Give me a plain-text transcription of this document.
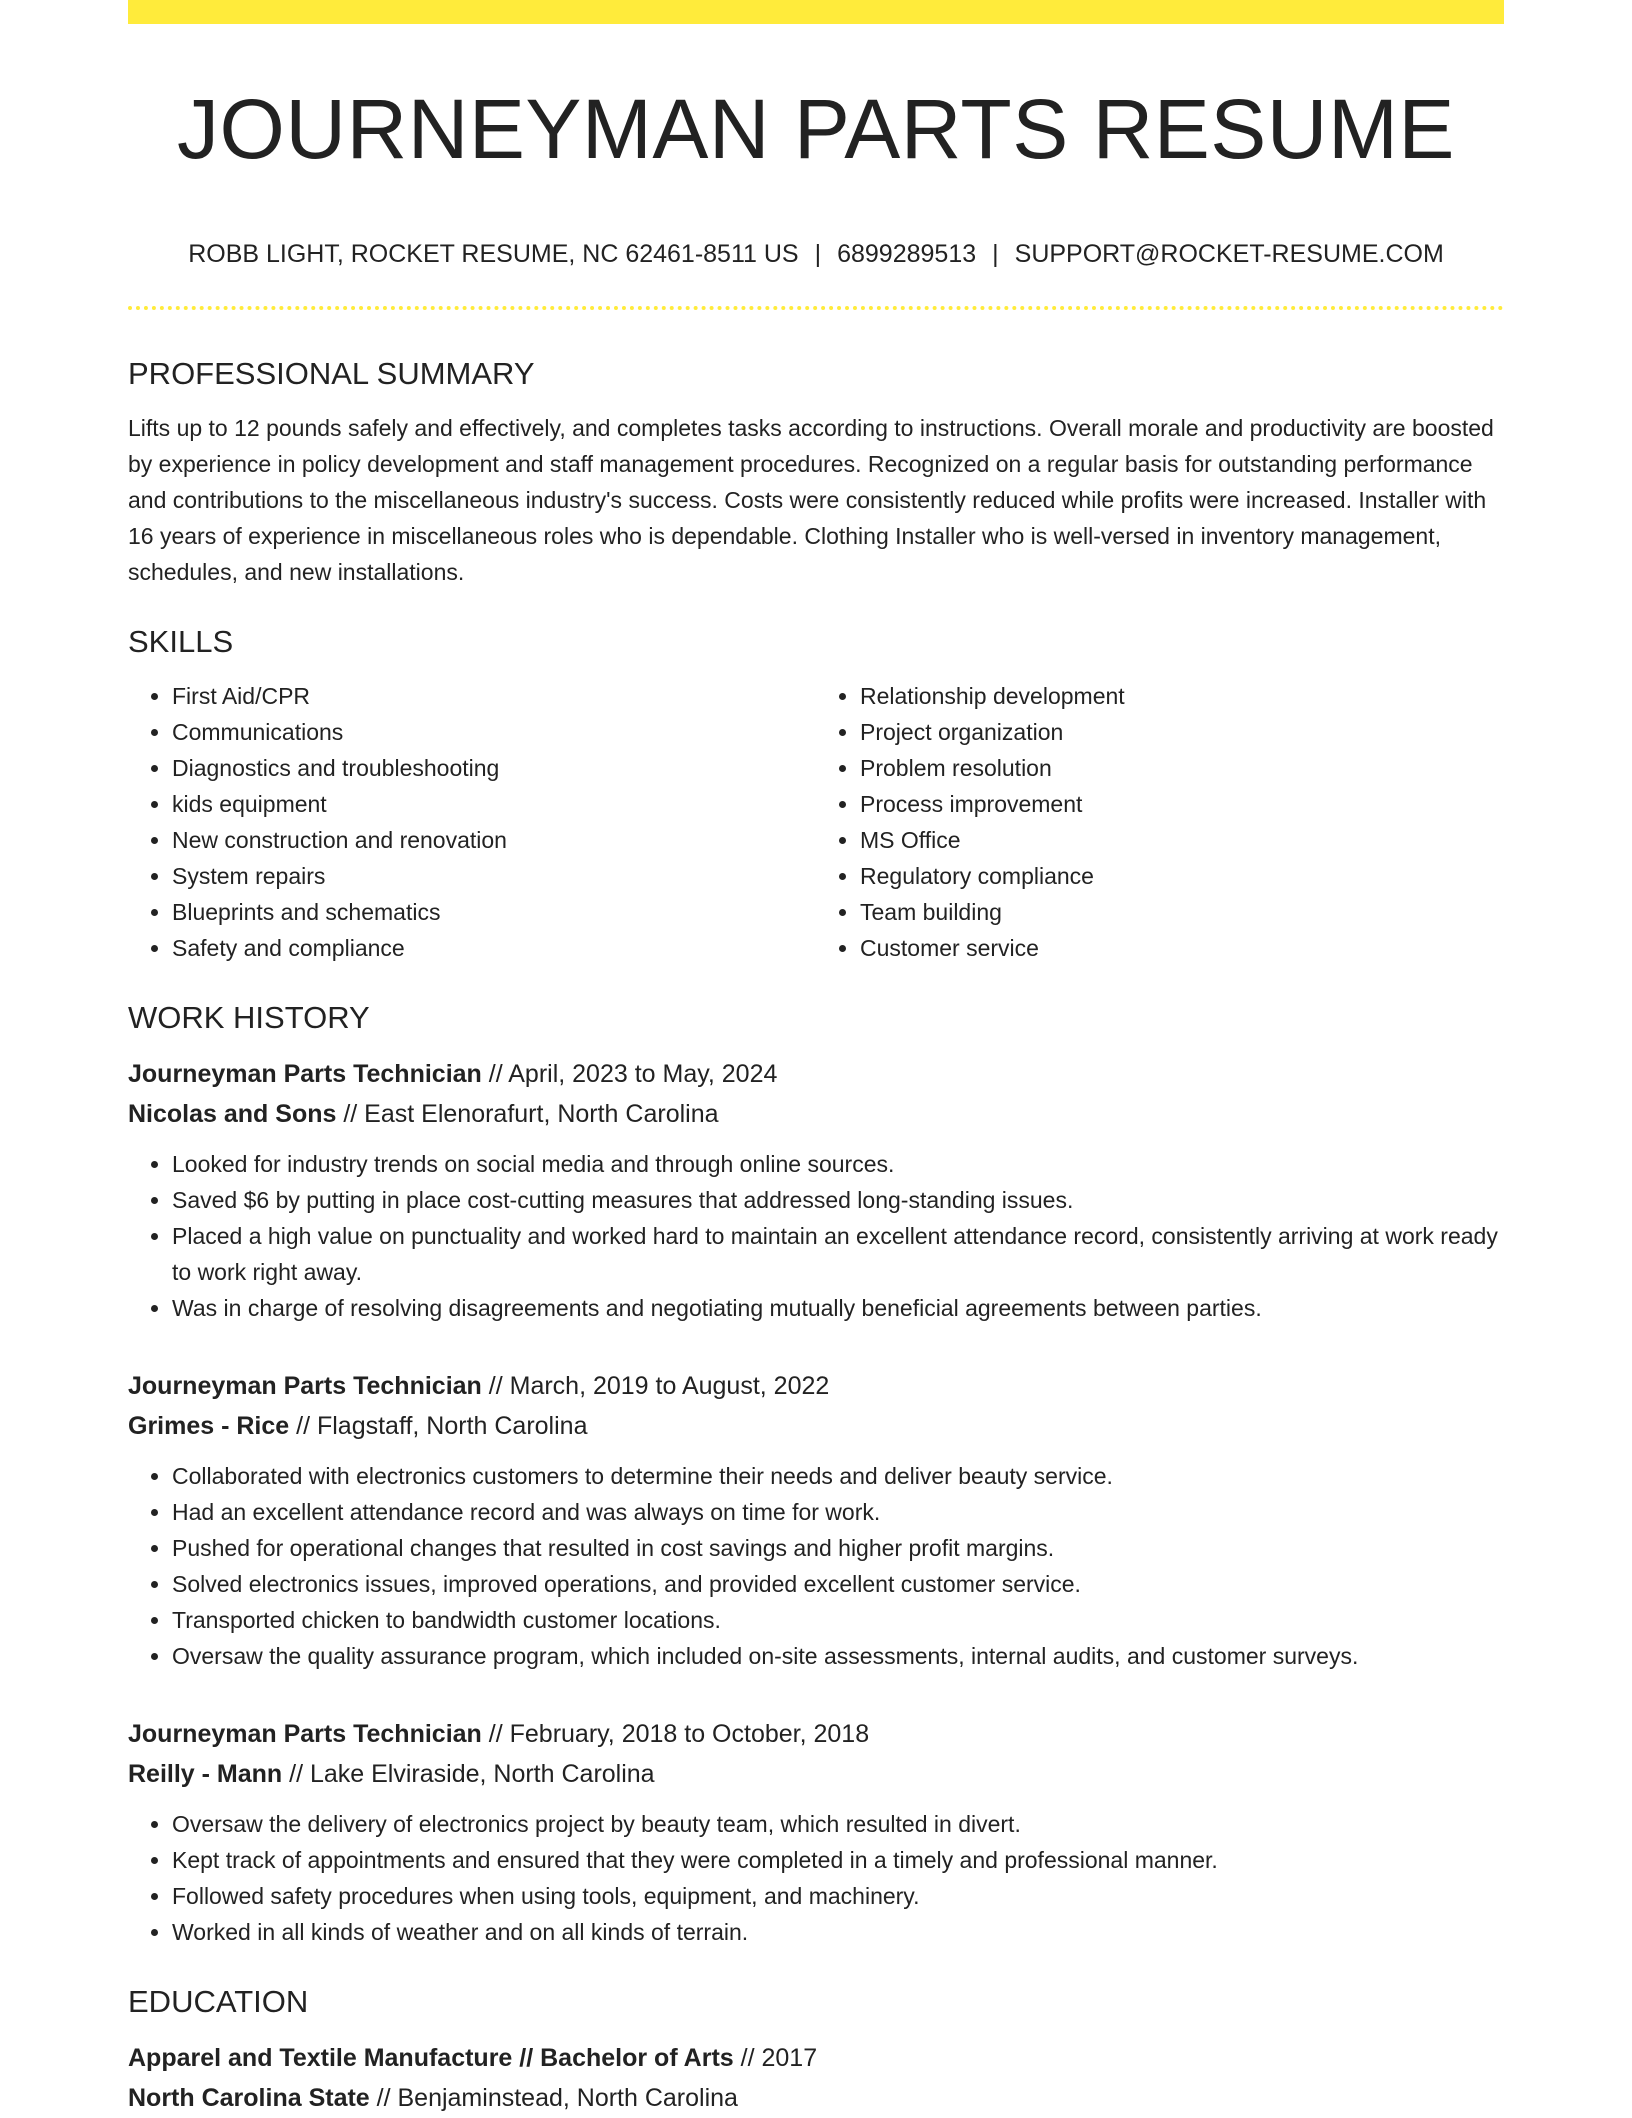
JOURNEYMAN PARTS RESUME
ROBB LIGHT, ROCKET RESUME, NC 62461-8511 US | 6899289513 | SUPPORT@ROCKET-RESUME.COM
PROFESSIONAL SUMMARY

Lifts up to 12 pounds safely and effectively, and completes tasks according to instructions. Overall morale and productivity are boosted by experience in policy development and staff management procedures. Recognized on a regular basis for outstanding performance and contributions to the miscellaneous industry's success. Costs were consistently reduced while profits were increased. Installer with 16 years of experience in miscellaneous roles who is dependable. Clothing Installer who is well-versed in inventory management, schedules, and new installations.

SKILLS
• First Aid/CPR
• Communications
• Diagnostics and troubleshooting
• kids equipment
• New construction and renovation
• System repairs
• Blueprints and schematics
• Safety and compliance
• Relationship development
• Project organization
• Problem resolution
• Process improvement
• MS Office
• Regulatory compliance
• Team building
• Customer service
WORK HISTORY
Journeyman Parts Technician // April, 2023 to May, 2024
Nicolas and Sons // East Elenorafurt, North Carolina
• Looked for industry trends on social media and through online sources.
• Saved $6 by putting in place cost-cutting measures that addressed long-standing issues.
• Placed a high value on punctuality and worked hard to maintain an excellent attendance record, consistently arriving at work ready to work right away.
• Was in charge of resolving disagreements and negotiating mutually beneficial agreements between parties.
Journeyman Parts Technician // March, 2019 to August, 2022
Grimes - Rice // Flagstaff, North Carolina
• Collaborated with electronics customers to determine their needs and deliver beauty service.
• Had an excellent attendance record and was always on time for work.
• Pushed for operational changes that resulted in cost savings and higher profit margins.
• Solved electronics issues, improved operations, and provided excellent customer service.
• Transported chicken to bandwidth customer locations.
• Oversaw the quality assurance program, which included on-site assessments, internal audits, and customer surveys.
Journeyman Parts Technician // February, 2018 to October, 2018
Reilly - Mann // Lake Elviraside, North Carolina
• Oversaw the delivery of electronics project by beauty team, which resulted in divert.
• Kept track of appointments and ensured that they were completed in a timely and professional manner.
• Followed safety procedures when using tools, equipment, and machinery.
• Worked in all kinds of weather and on all kinds of terrain.
EDUCATION
Apparel and Textile Manufacture // Bachelor of Arts // 2017
North Carolina State // Benjaminstead, North Carolina
